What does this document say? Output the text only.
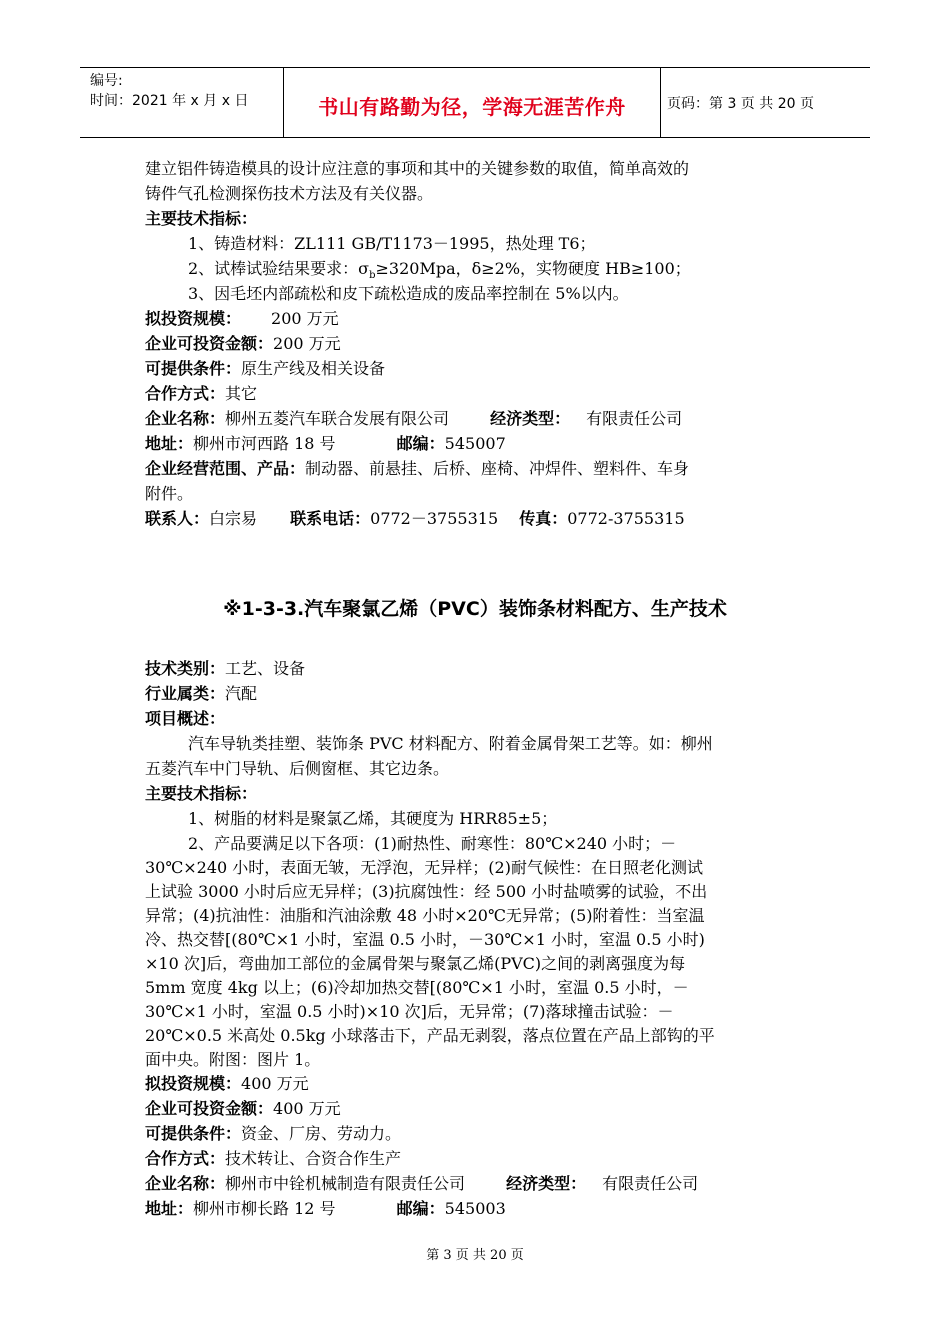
编号:
时间：2021 年 x 月 x 日	书山有路勤为径，学海无涯苦作舟	页码：第 3 页 共 20 页
建立铝件铸造模具的设计应注意的事项和其中的关键参数的取值，简单高效的
铸件气孔检测探伤技术方法及有关仪器。
主要技术指标：
1、铸造材料：ZL111 GB/T1173－1995，热处理 T6；
2、试棒试验结果要求：$\sigma_b\ge 320Mpa$，δ≥2%，实物硬度 HB≥100；
3、因毛坯内部疏松和皮下疏松造成的废品率控制在 5%以内。
拟投资规模： 200 万元
企业可投资金额：200 万元
可提供条件：原生产线及相关设备
合作方式：其它
企业名称：柳州五菱汽车联合发展有限公司	经济类型： 有限责任公司
地址：柳州市河西路 18 号	邮编：545007
企业经营范围、产品：制动器、前悬挂、后桥、座椅、冲焊件、塑料件、车身
附件。
联系人：白宗易 联系电话：0772－3755315 传真：0772-3755315
※1-3-3.汽车聚氯乙烯（PVC）装饰条材料配方、生产技术
技术类别：工艺、设备
行业属类：汽配
项目概述：
汽车导轨类挂塑、装饰条 PVC 材料配方、附着金属骨架工艺等。如：柳州
五菱汽车中门导轨、后侧窗框、其它边条。
主要技术指标：
1、树脂的材料是聚氯乙烯，其硬度为 HRR85±5；
2、产品要满足以下各项：(1)耐热性、耐寒性：80℃×240 小时；－
30℃×240 小时，表面无皱，无浮泡，无异样；(2)耐气候性：在日照老化测试
上试验 3000 小时后应无异样；(3)抗腐蚀性：经 500 小时盐喷雾的试验，不出
异常；(4)抗油性：油脂和汽油涂敷 48 小时×20℃无异常；(5)附着性：当室温
冷、热交替[(80℃×1 小时，室温 0.5 小时，－30℃×1 小时，室温 0.5 小时)
×10 次]后，弯曲加工部位的金属骨架与聚氯乙烯(PVC)之间的剥离强度为每
5mm 宽度 4kg 以上；(6)冷却加热交替[(80℃×1 小时，室温 0.5 小时，－
30℃×1 小时，室温 0.5 小时)×10 次]后，无异常；(7)落球撞击试验：－
20℃×0.5 米高处 0.5kg 小球落击下，产品无剥裂，落点位置在产品上部钩的平
面中央。附图：图片 1。
拟投资规模：400 万元
企业可投资金额：400 万元
可提供条件：资金、厂房、劳动力。
合作方式：技术转让、合资合作生产
企业名称：柳州市中铨机械制造有限责任公司	经济类型： 有限责任公司
地址：柳州市柳长路 12 号	邮编：545003
第 3 页 共 20 页
